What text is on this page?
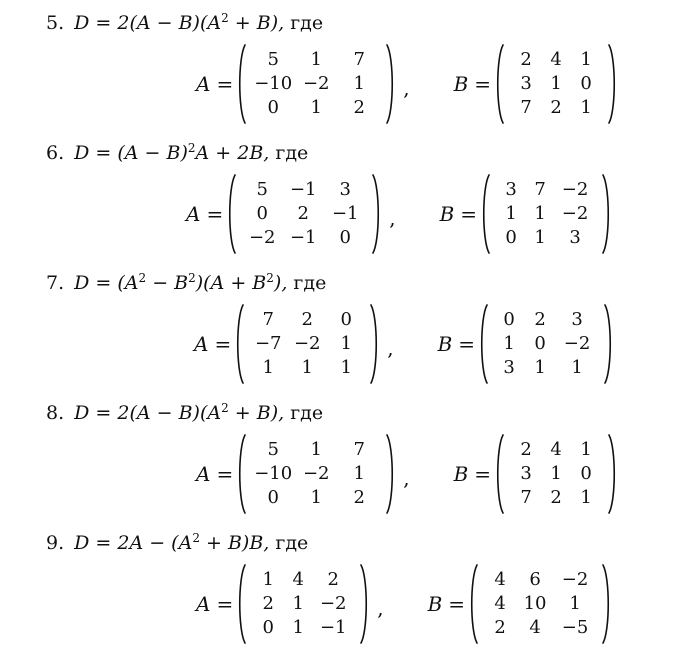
5. $D = 2(A - B)(A^2 + B)$, где
A =
5	1	7
−10 −2	1
0	1	2
, B =
2	4	1
3	1	0
7	2	1
6. $D = (A - B)^2A + 2B$, где
A =
5	−1	3
0	2	−1
−2 −1	0
, B =
3 7 −2
1 1 −2
0 1	3
7. $D = (A^2 - B^2)(A + B^2)$, где
A =
7	2	0
−7 −2	1
1	1	1
, B =
0	2	3
1	0	−2
3	1	1
8. $D = 2(A - B)(A^2 + B)$, где
A =
5	1	7
−10 −2	1
0	1	2
, B =
2	4	1
3	1	0
7	2	1
9. $D = 2A - (A^2 + B)B$, где
A =
1	4	2
2	1 −2
0	1 −1
, B =
4	6	−2
4 10	1
2	4	−5
